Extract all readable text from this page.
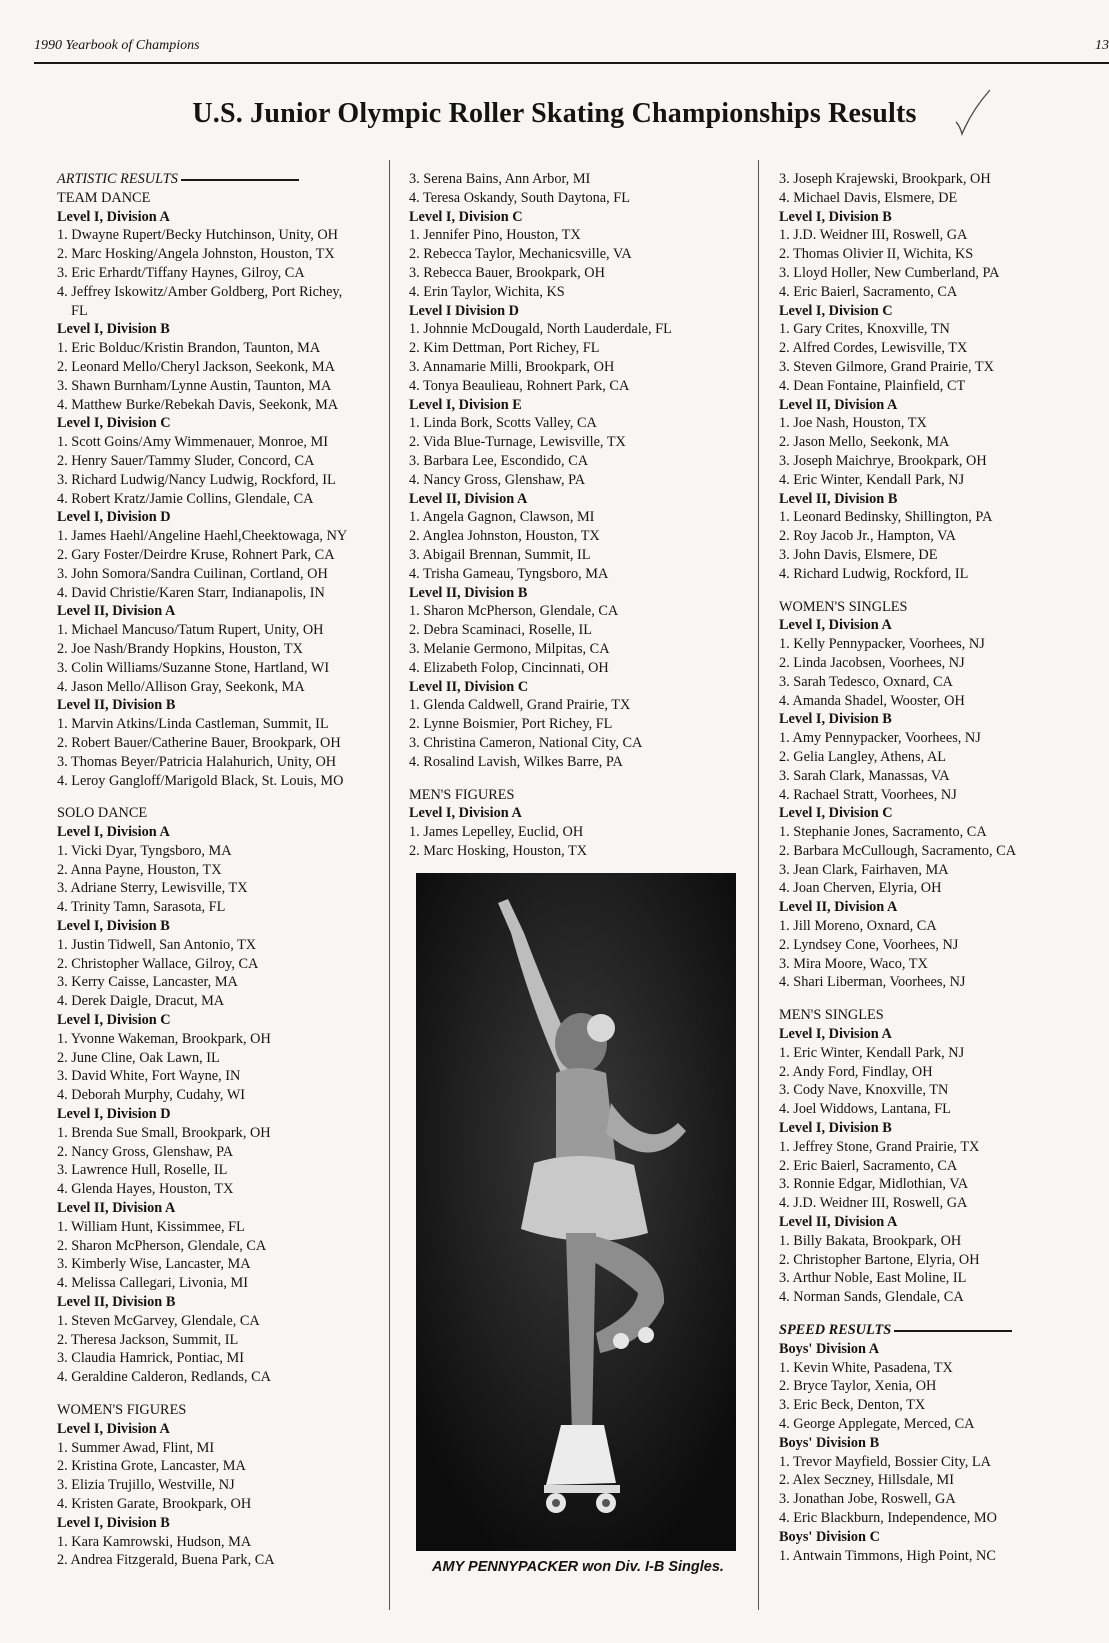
1990 Yearbook of Champions	13
U.S. Junior Olympic Roller Skating Championships Results
ARTISTIC RESULTS
TEAM DANCE
Level I, Division A
1. Dwayne Rupert/Becky Hutchinson, Unity, OH
2. Marc Hosking/Angela Johnston, Houston, TX
3. Eric Erhardt/Tiffany Haynes, Gilroy, CA
4. Jeffrey Iskowitz/Amber Goldberg, Port Richey,
FL
Level I, Division B
1. Eric Bolduc/Kristin Brandon, Taunton, MA
2. Leonard Mello/Cheryl Jackson, Seekonk, MA
3. Shawn Burnham/Lynne Austin, Taunton, MA
4. Matthew Burke/Rebekah Davis, Seekonk, MA
Level I, Division C
1. Scott Goins/Amy Wimmenauer, Monroe, MI
2. Henry Sauer/Tammy Sluder, Concord, CA
3. Richard Ludwig/Nancy Ludwig, Rockford, IL
4. Robert Kratz/Jamie Collins, Glendale, CA
Level I, Division D
1. James Haehl/Angeline Haehl,Cheektowaga, NY
2. Gary Foster/Deirdre Kruse, Rohnert Park, CA
3. John Somora/Sandra Cuilinan, Cortland, OH
4. David Christie/Karen Starr, Indianapolis, IN
Level II, Division A
1. Michael Mancuso/Tatum Rupert, Unity, OH
2. Joe Nash/Brandy Hopkins, Houston, TX
3. Colin Williams/Suzanne Stone, Hartland, WI
4. Jason Mello/Allison Gray, Seekonk, MA
Level II, Division B
1. Marvin Atkins/Linda Castleman, Summit, IL
2. Robert Bauer/Catherine Bauer, Brookpark, OH
3. Thomas Beyer/Patricia Halahurich, Unity, OH
4. Leroy Gangloff/Marigold Black, St. Louis, MO
SOLO DANCE
Level I, Division A
1. Vicki Dyar, Tyngsboro, MA
2. Anna Payne, Houston, TX
3. Adriane Sterry, Lewisville, TX
4. Trinity Tamn, Sarasota, FL
Level I, Division B
1. Justin Tidwell, San Antonio, TX
2. Christopher Wallace, Gilroy, CA
3. Kerry Caisse, Lancaster, MA
4. Derek Daigle, Dracut, MA
Level I, Division C
1. Yvonne Wakeman, Brookpark, OH
2. June Cline, Oak Lawn, IL
3. David White, Fort Wayne, IN
4. Deborah Murphy, Cudahy, WI
Level I, Division D
1. Brenda Sue Small, Brookpark, OH
2. Nancy Gross, Glenshaw, PA
3. Lawrence Hull, Roselle, IL
4. Glenda Hayes, Houston, TX
Level II, Division A
1. William Hunt, Kissimmee, FL
2. Sharon McPherson, Glendale, CA
3. Kimberly Wise, Lancaster, MA
4. Melissa Callegari, Livonia, MI
Level II, Division B
1. Steven McGarvey, Glendale, CA
2. Theresa Jackson, Summit, IL
3. Claudia Hamrick, Pontiac, MI
4. Geraldine Calderon, Redlands, CA
WOMEN'S FIGURES
Level I, Division A
1. Summer Awad, Flint, MI
2. Kristina Grote, Lancaster, MA
3. Elizia Trujillo, Westville, NJ
4. Kristen Garate, Brookpark, OH
Level I, Division B
1. Kara Kamrowski, Hudson, MA
2. Andrea Fitzgerald, Buena Park, CA
3. Serena Bains, Ann Arbor, MI
4. Teresa Oskandy, South Daytona, FL
Level I, Division C
1. Jennifer Pino, Houston, TX
2. Rebecca Taylor, Mechanicsville, VA
3. Rebecca Bauer, Brookpark, OH
4. Erin Taylor, Wichita, KS
Level I Division D
1. Johnnie McDougald, North Lauderdale, FL
2. Kim Dettman, Port Richey, FL
3. Annamarie Milli, Brookpark, OH
4. Tonya Beaulieau, Rohnert Park, CA
Level I, Division E
1. Linda Bork, Scotts Valley, CA
2. Vida Blue-Turnage, Lewisville, TX
3. Barbara Lee, Escondido, CA
4. Nancy Gross, Glenshaw, PA
Level II, Division A
1. Angela Gagnon, Clawson, MI
2. Anglea Johnston, Houston, TX
3. Abigail Brennan, Summit, IL
4. Trisha Gameau, Tyngsboro, MA
Level II, Division B
1. Sharon McPherson, Glendale, CA
2. Debra Scaminaci, Roselle, IL
3. Melanie Germono, Milpitas, CA
4. Elizabeth Folop, Cincinnati, OH
Level II, Division C
1. Glenda Caldwell, Grand Prairie, TX
2. Lynne Boismier, Port Richey, FL
3. Christina Cameron, National City, CA
4. Rosalind Lavish, Wilkes Barre, PA
MEN'S FIGURES
Level I, Division A
1. James Lepelley, Euclid, OH
2. Marc Hosking, Houston, TX
3. Joseph Krajewski, Brookpark, OH
4. Michael Davis, Elsmere, DE
Level I, Division B
1. J.D. Weidner III, Roswell, GA
2. Thomas Olivier II, Wichita, KS
3. Lloyd Holler, New Cumberland, PA
4. Eric Baierl, Sacramento, CA
Level I, Division C
1. Gary Crites, Knoxville, TN
2. Alfred Cordes, Lewisville, TX
3. Steven Gilmore, Grand Prairie, TX
4. Dean Fontaine, Plainfield, CT
Level II, Division A
1. Joe Nash, Houston, TX
2. Jason Mello, Seekonk, MA
3. Joseph Maichrye, Brookpark, OH
4. Eric Winter, Kendall Park, NJ
Level II, Division B
1. Leonard Bedinsky, Shillington, PA
2. Roy Jacob Jr., Hampton, VA
3. John Davis, Elsmere, DE
4. Richard Ludwig, Rockford, IL
WOMEN'S SINGLES
Level I, Division A
1. Kelly Pennypacker, Voorhees, NJ
2. Linda Jacobsen, Voorhees, NJ
3. Sarah Tedesco, Oxnard, CA
4. Amanda Shadel, Wooster, OH
Level I, Division B
1. Amy Pennypacker, Voorhees, NJ
2. Gelia Langley, Athens, AL
3. Sarah Clark, Manassas, VA
4. Rachael Stratt, Voorhees, NJ
Level I, Division C
1. Stephanie Jones, Sacramento, CA
2. Barbara McCullough, Sacramento, CA
3. Jean Clark, Fairhaven, MA
4. Joan Cherven, Elyria, OH
Level II, Division A
1. Jill Moreno, Oxnard, CA
2. Lyndsey Cone, Voorhees, NJ
3. Mira Moore, Waco, TX
4. Shari Liberman, Voorhees, NJ
MEN'S SINGLES
Level I, Division A
1. Eric Winter, Kendall Park, NJ
2. Andy Ford, Findlay, OH
3. Cody Nave, Knoxville, TN
4. Joel Widdows, Lantana, FL
Level I, Division B
1. Jeffrey Stone, Grand Prairie, TX
2. Eric Baierl, Sacramento, CA
3. Ronnie Edgar, Midlothian, VA
4. J.D. Weidner III, Roswell, GA
Level II, Division A
1. Billy Bakata, Brookpark, OH
2. Christopher Bartone, Elyria, OH
3. Arthur Noble, East Moline, IL
4. Norman Sands, Glendale, CA
SPEED RESULTS
Boys' Division A
1. Kevin White, Pasadena, TX
2. Bryce Taylor, Xenia, OH
3. Eric Beck, Denton, TX
4. George Applegate, Merced, CA
Boys' Division B
1. Trevor Mayfield, Bossier City, LA
2. Alex Seczney, Hillsdale, MI
3. Jonathan Jobe, Roswell, GA
4. Eric Blackburn, Independence, MO
Boys' Division C
1. Antwain Timmons, High Point, NC
AMY PENNYPACKER won Div. I-B Singles.
